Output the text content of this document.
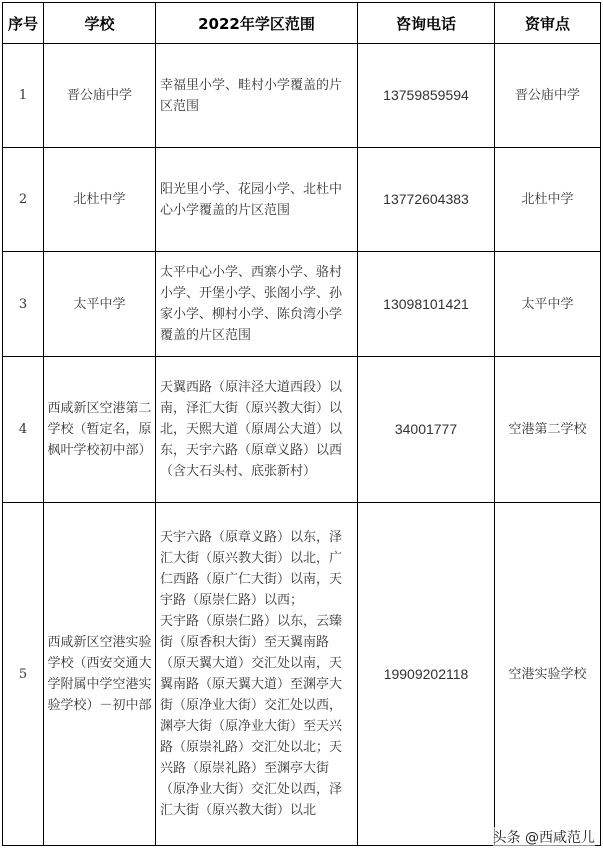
序号	学校	2022年学区范围	咨询电话	资审点
1	晋公庙中学	幸福里小学、畦村小学覆盖的片区范围	13759859594	晋公庙中学
2	北杜中学	阳光里小学、花园小学、北杜中心小学覆盖的片区范围	13772604383	北杜中学
3	太平中学	太平中心小学、西寨小学、骆村小学、开堡小学、张阁小学、孙家小学、柳村小学、陈贠湾小学覆盖的片区范围	13098101421	太平中学
4	西咸新区空港第二学校（暂定名，原枫叶学校初中部）	天翼西路（原沣泾大道西段）以南，泽汇大街（原兴教大街）以北，天熙大道（原周公大道）以东，天宇六路（原章义路）以西（含大石头村、底张新村）	34001777	空港第二学校
5	西咸新区空港实验学校（西安交通大学附属中学空港实验学校）－初中部	天宇六路（原章义路）以东，泽汇大街（原兴教大街）以北，广仁西路（原广仁大街）以南，天宇路（原崇仁路）以西；
天宇路（原崇仁路）以东，云臻街（原香积大街）至天翼南路（原天翼大道）交汇处以南，天翼南路（原天翼大道）至渊亭大街（原净业大街）交汇处以西，渊亭大街（原净业大街）至天兴路（原崇礼路）交汇处以北；天兴路（原崇礼路）至渊亭大街（原净业大街）交汇处以西，泽汇大街（原兴教大街）以北	19909202118	空港实验学校
头条 @西咸范儿
